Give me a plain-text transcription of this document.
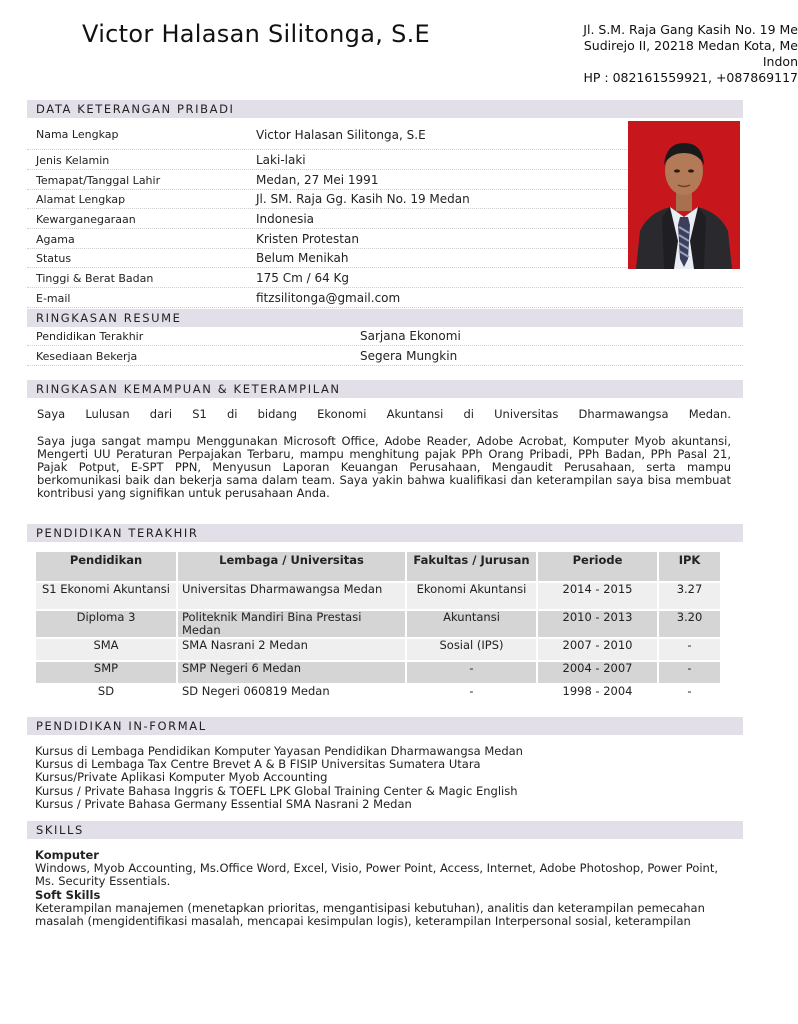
Victor Halasan Silitonga, S.E	Jl. S.M. Raja Gang Kasih No. 19 Me
Sudirejo II, 20218 Medan Kota, Me
Indon
HP : 082161559921, +087869117
DATA KETERANGAN PRIBADI
Nama Lengkap	Victor Halasan Silitonga, S.E
Jenis Kelamin	Laki-laki
Temapat/Tanggal Lahir	Medan, 27 Mei 1991
Alamat Lengkap	Jl. SM. Raja Gg. Kasih No. 19 Medan
Kewarganegaraan	Indonesia
Agama	Kristen Protestan
Status	Belum Menikah
Tinggi & Berat Badan	175 Cm / 64 Kg
E-mail	fitzsilitonga@gmail.com
RINGKASAN RESUME
Pendidikan Terakhir	Sarjana Ekonomi
Kesediaan Bekerja	Segera Mungkin
RINGKASAN KEMAMPUAN & KETERAMPILAN
Saya Lulusan dari S1 di bidang Ekonomi Akuntansi di Universitas Dharmawangsa Medan.
Saya juga sangat mampu Menggunakan Microsoft Office, Adobe Reader, Adobe Acrobat, Komputer Myob akuntansi, Mengerti UU Peraturan Perpajakan Terbaru, mampu menghitung pajak PPh Orang Pribadi, PPh Badan, PPh Pasal 21, Pajak Potput, E-SPT PPN, Menyusun Laporan Keuangan Perusahaan, Mengaudit Perusahaan, serta mampu berkomunikasi baik dan bekerja sama dalam team. Saya yakin bahwa kualifikasi dan keterampilan saya bisa membuat kontribusi yang signifikan untuk perusahaan Anda.
PENDIDIKAN TERAKHIR
Pendidikan	Lembaga / Universitas	Fakultas / Jurusan	Periode	IPK
S1 Ekonomi Akuntansi	Universitas Dharmawangsa Medan	Ekonomi Akuntansi	2014 - 2015	3.27
Diploma 3	Politeknik Mandiri Bina Prestasi Medan	Akuntansi	2010 - 2013	3.20
SMA	SMA Nasrani 2 Medan	Sosial (IPS)	2007 - 2010	-
SMP	SMP Negeri 6 Medan	-	2004 - 2007	-
SD	SD Negeri 060819 Medan	-	1998 - 2004	-
PENDIDIKAN IN-FORMAL
Kursus di Lembaga Pendidikan Komputer Yayasan Pendidikan Dharmawangsa Medan
Kursus di Lembaga Tax Centre Brevet A & B FISIP Universitas Sumatera Utara
Kursus/Private Aplikasi Komputer Myob Accounting
Kursus / Private Bahasa Inggris & TOEFL LPK Global Training Center & Magic English
Kursus / Private Bahasa Germany Essential SMA Nasrani 2 Medan
SKILLS
Komputer
Windows, Myob Accounting, Ms.Office Word, Excel, Visio, Power Point, Access, Internet, Adobe Photoshop, Power Point, Ms. Security Essentials.
Soft Skills
Keterampilan manajemen (menetapkan prioritas, mengantisipasi kebutuhan), analitis dan keterampilan pemecahan masalah (mengidentifikasi masalah, mencapai kesimpulan logis), keterampilan Interpersonal sosial, keterampilan
